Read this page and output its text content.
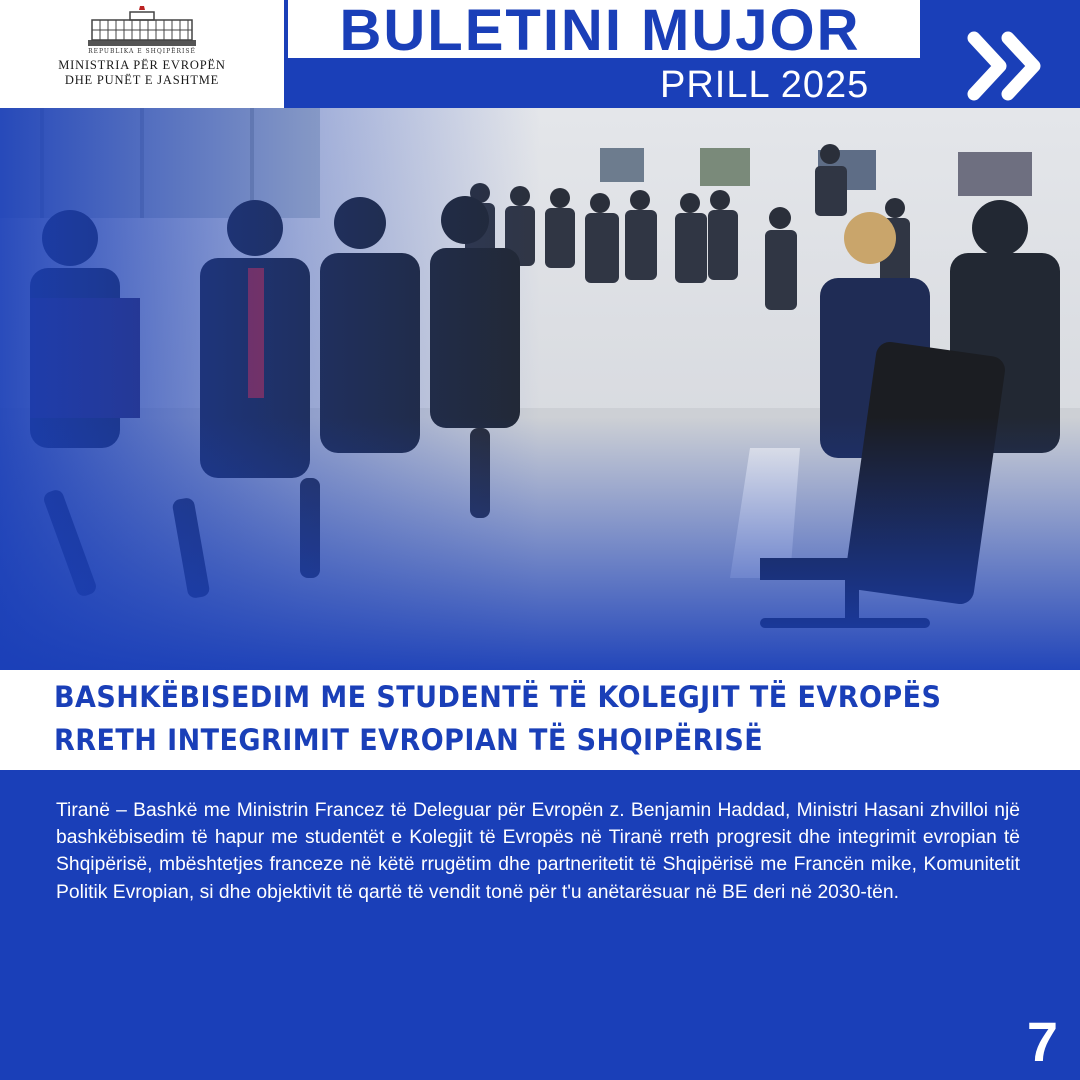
REPUBLIKA E SHQIPËRISË
MINISTRIA PËR EVROPËN
DHE PUNËT E JASHTME
BULETINI MUJOR
PRILL 2025
BASHKËBISEDIM ME STUDENTË TË KOLEGJIT TË EVROPËS
RRETH INTEGRIMIT EVROPIAN TË SHQIPËRISË
Tiranë – Bashkë me Ministrin Francez të Deleguar për Evropën z. Benjamin Haddad, Ministri Hasani zhvilloi një bashkëbisedim të hapur me studentët e Kolegjit të Evropës në Tiranë rreth progresit dhe integrimit evropian të Shqipërisë, mbështetjes franceze në këtë rrugëtim dhe partneritetit të Shqipërisë me Francën mike, Komunitetit Politik Evropian, si dhe objektivit të qartë të vendit tonë për t'u anëtarësuar në BE deri në 2030-tën.
7
